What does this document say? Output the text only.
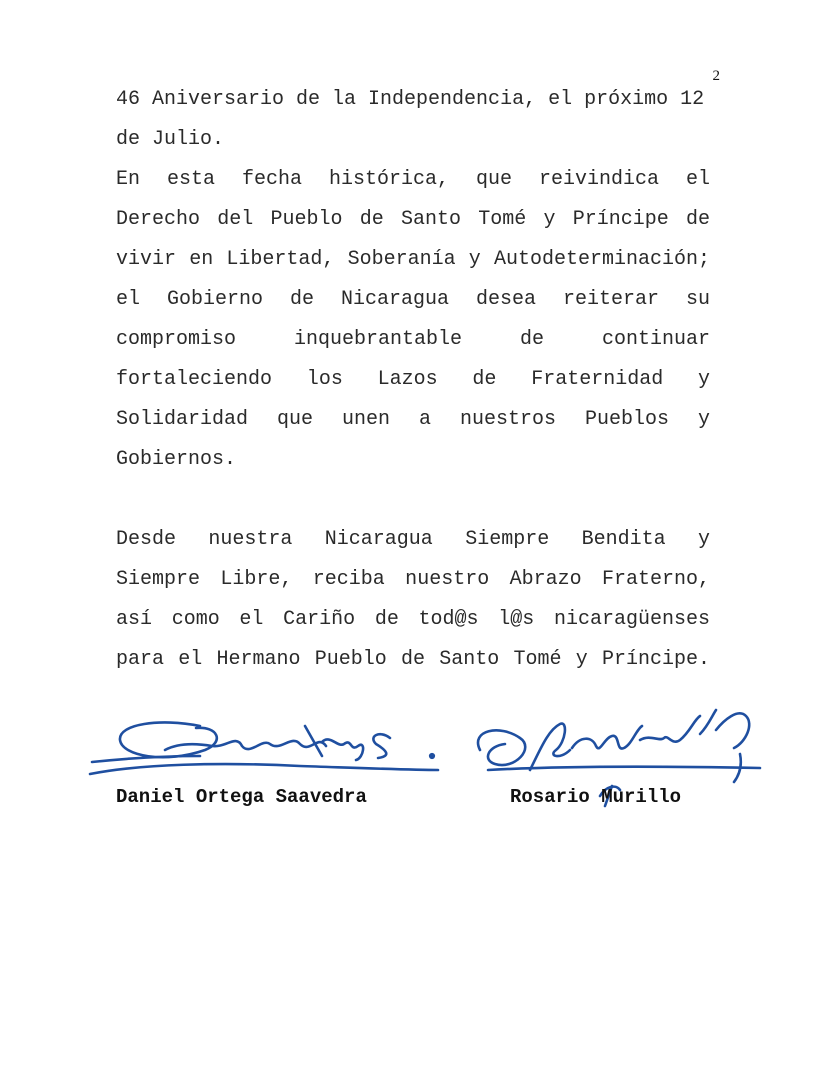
2
46 Aniversario de la Independencia, el próximo 12
de Julio.
En esta fecha histórica, que reivindica el
Derecho del Pueblo de Santo Tomé y Príncipe de
vivir en Libertad, Soberanía y Autodeterminación;
el Gobierno de Nicaragua desea reiterar su
compromiso inquebrantable de continuar
fortaleciendo los Lazos de Fraternidad y
Solidaridad que unen a nuestros Pueblos y
Gobiernos.
Desde nuestra Nicaragua Siempre Bendita y
Siempre Libre, reciba nuestro Abrazo Fraterno,
así como el Cariño de tod@s l@s nicaragüenses
para el Hermano Pueblo de Santo Tomé y Príncipe.
Daniel Ortega Saavedra	Rosario Murillo
